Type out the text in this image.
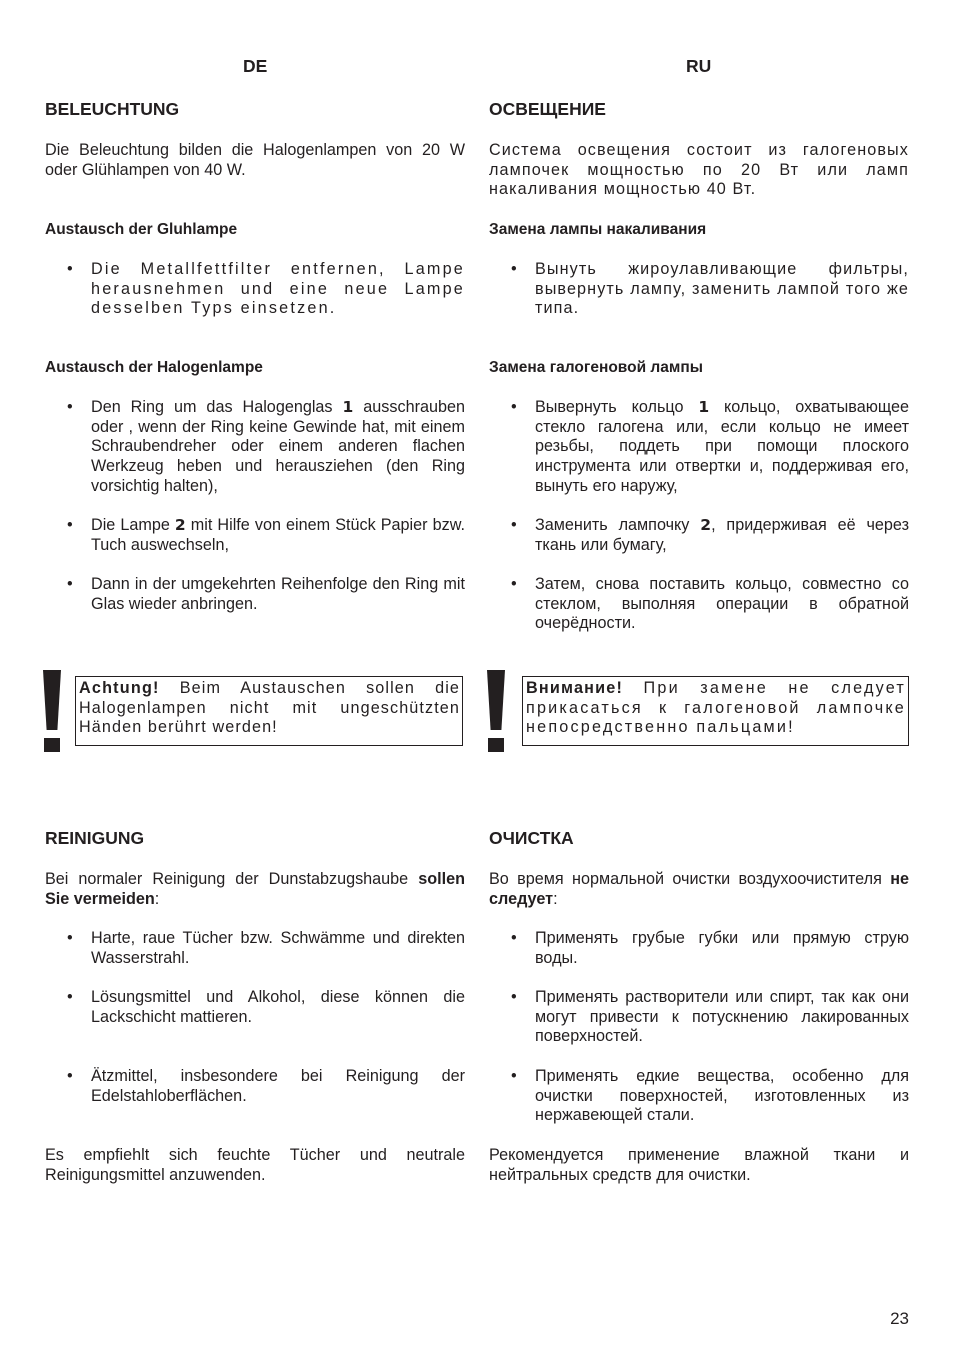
DE
BELEUCHTUNG

Die Beleuchtung bilden die Halogenlampen von 20 W oder Glühlampen von 40 W.

Austausch der Gluhlampe
• Die Metallfettfilter entfernen, Lampe herausnehmen und eine neue Lampe desselben Typs einsetzen.
Austausch der Halogenlampe
• Den Ring um das Halogenglas 1 ausschrauben oder , wenn der Ring keine Gewinde hat, mit einem Schraubendreher oder einem anderen flachen Werkzeug heben und herausziehen (den Ring vorsichtig halten),
• Die Lampe 2 mit Hilfe von einem Stück Papier bzw. Tuch auswechseln,
• Dann in der umgekehrten Reihenfolge den Ring mit Glas wieder anbringen.
Achtung! Beim Austauschen sollen die Halogenlampen nicht mit ungeschützten Händen berührt werden!
REINIGUNG

Bei normaler Reinigung der Dunstabzugshaube sollen Sie vermeiden:

• Harte, raue Tücher bzw. Schwämme und direkten Wasserstrahl.
• Lösungsmittel und Alkohol, diese können die Lackschicht mattieren.
• Ätzmittel, insbesondere bei Reinigung der Edelstahloberflächen.

Es empfiehlt sich feuchte Tücher und neutrale Reinigungsmittel anzuwenden.

RU
ОСВЕЩЕНИЕ

Система освещения состоит из галогеновых лампочек мощностью по 20 Вт или ламп накаливания мощностью 40 Вт.

Замена лампы накаливания
• Вынуть жироулавливающие фильтры, вывернуть лампу, заменить лампой того же типа.
Замена галогеновой лампы
• Вывернуть кольцо 1 кольцо, охватывающее стекло галогена или, если кольцо не имеет резьбы, поддеть при помощи плоского инструмента или отвертки и, поддерживая его, вынуть его наружу,
• Заменить лампочку 2, придерживая её через ткань или бумагу,
• Затем, снова поставить кольцо, совместно со стеклом, выполняя операции в обратной очерёдности.
Внимание! При замене не следует прикасаться к галогеновой лампочке непосредственно пальцами!
ОЧИСТКА

Во время нормальной очистки воздухоочистителя не следует:

• Применять грубые губки или прямую струю воды.
• Применять растворители или спирт, так как они могут привести к потускнению лакированных поверхностей.
• Применять едкие вещества, особенно для очистки поверхностей, изготовленных из нержавеющей стали.

Рекомендуется применение влажной ткани и нейтральных средств для очистки.

23
